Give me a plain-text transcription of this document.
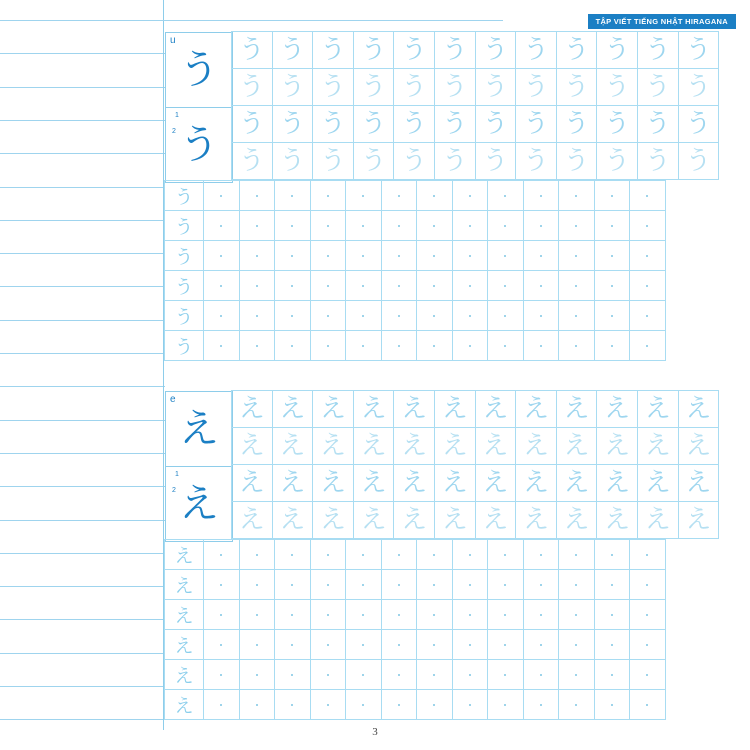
TẬP VIẾT TIẾNG NHẬT HIRAGANA
u
う
1
2 う
う う う う う う う う う う う う
う う う う う う う う う う う う
う う う う う う う う う う う う
う う う う う う う う う う う う
う
う
う
う
う
う
e
え
1
2 え
え え え え え え え え え え え え
え え え え え え え え え え え え
え え え え え え え え え え え え
え え え え え え え え え え え え
え
え
え
え
え
え
3
